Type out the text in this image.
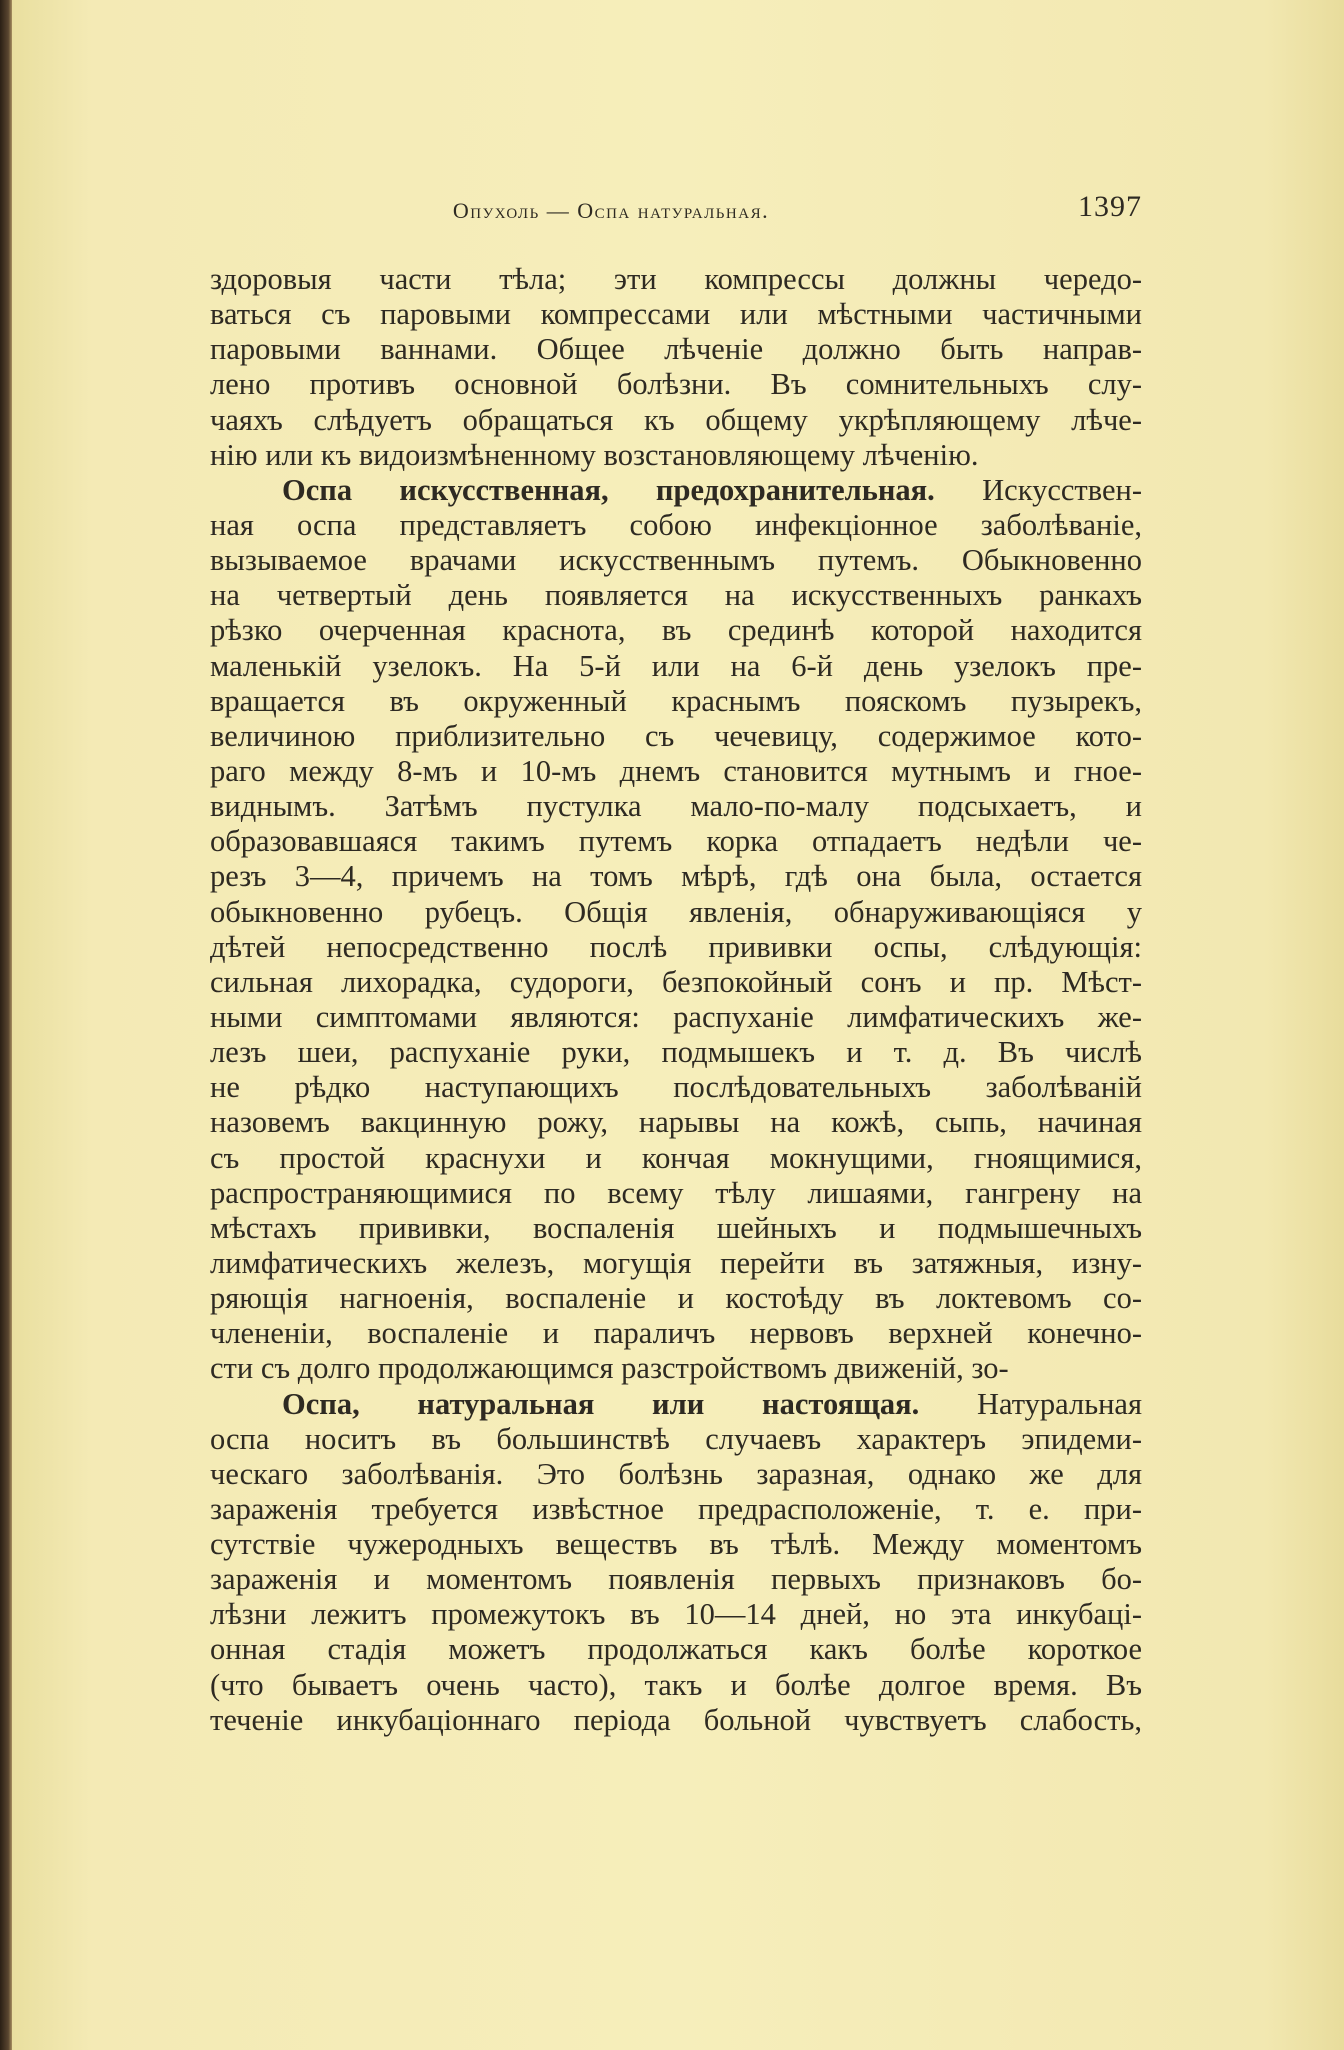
Опухоль — Оспа натуральная.	1397
здоровыя части тѣла; эти компрессы должны чередо-
ваться съ паровыми компрессами или мѣстными частичными
паровыми ваннами. Общее лѣченіе должно быть направ-
лено противъ основной болѣзни. Въ сомнительныхъ слу-
чаяхъ слѣдуетъ обращаться къ общему укрѣпляющему лѣче-
нію или къ видоизмѣненному возстановляющему лѣченію.
Оспа искусственная, предохранительная. Искусствен-
ная оспа представляетъ собою инфекціонное заболѣваніе,
вызываемое врачами искусственнымъ путемъ. Обыкновенно
на четвертый день появляется на искусственныхъ ранкахъ
рѣзко очерченная краснота, въ срединѣ которой находится
маленькій узелокъ. На 5-й или на 6-й день узелокъ пре-
вращается въ окруженный краснымъ пояскомъ пузырекъ,
величиною приблизительно съ чечевицу, содержимое кото-
раго между 8-мъ и 10-мъ днемъ становится мутнымъ и гное-
виднымъ. Затѣмъ пустулка мало-по-малу подсыхаетъ, и
образовавшаяся такимъ путемъ корка отпадаетъ недѣли че-
резъ 3—4, причемъ на томъ мѣрѣ, гдѣ она была, остается
обыкновенно рубецъ. Общія явленія, обнаруживающіяся у
дѣтей непосредственно послѣ прививки оспы, слѣдующія:
сильная лихорадка, судороги, безпокойный сонъ и пр. Мѣст-
ными симптомами являются: распуханіе лимфатическихъ же-
лезъ шеи, распуханіе руки, подмышекъ и т. д. Въ числѣ
не рѣдко наступающихъ послѣдовательныхъ заболѣваній
назовемъ вакцинную рожу, нарывы на кожѣ, сыпь, начиная
съ простой краснухи и кончая мокнущими, гноящимися,
распространяющимися по всему тѣлу лишаями, гангрену на
мѣстахъ прививки, воспаленія шейныхъ и подмышечныхъ
лимфатическихъ железъ, могущія перейти въ затяжныя, изну-
ряющія нагноенія, воспаленіе и костоѣду въ локтевомъ со-
членeніи, воспаленіе и параличъ нервовъ верхней конечно-
сти съ долго продолжающимся разстройствомъ движеній, зо-
Оспа, натуральная или настоящая. Натуральная
оспа носитъ въ большинствѣ случаевъ характеръ эпидеми-
ческаго заболѣванія. Это болѣзнь заразная, однако же для
зараженія требуется извѣстное предрасположеніе, т. е. при-
сутствіе чужеродныхъ веществъ въ тѣлѣ. Между моментомъ
зараженія и моментомъ появленія первыхъ признаковъ бо-
лѣзни лежитъ промежутокъ въ 10—14 дней, но эта инкубаці-
онная стадія можетъ продолжаться какъ болѣе короткое
(что бываетъ очень часто), такъ и болѣе долгое время. Въ
теченіе инкубаціоннаго періода больной чувствуетъ слабость,
